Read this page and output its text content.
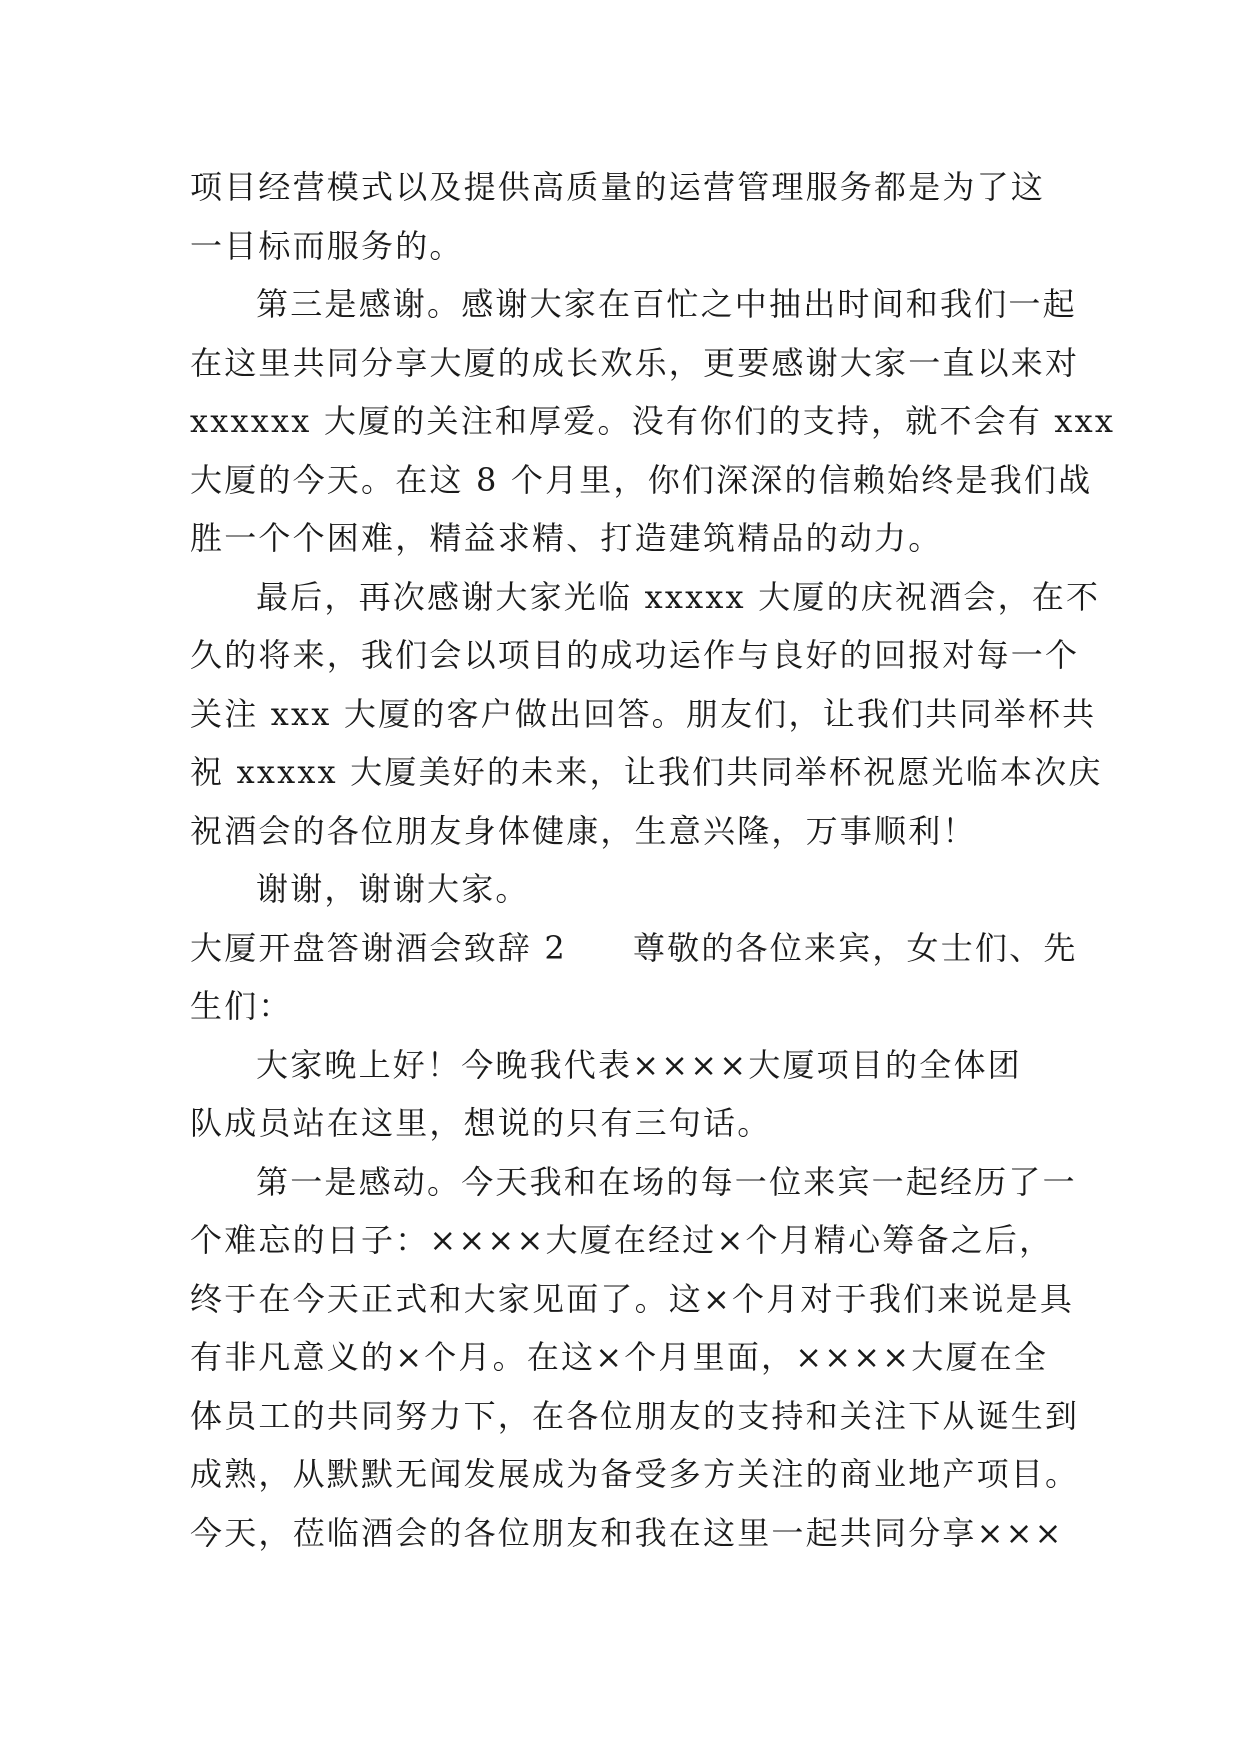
项目经营模式以及提供高质量的运营管理服务都是为了这
一目标而服务的。
第三是感谢。感谢大家在百忙之中抽出时间和我们一起
在这里共同分享大厦的成长欢乐，更要感谢大家一直以来对
xxxxxx 大厦的关注和厚爱。没有你们的支持，就不会有 xxx
大厦的今天。在这 8 个月里，你们深深的信赖始终是我们战
胜一个个困难，精益求精、打造建筑精品的动力。
最后，再次感谢大家光临 xxxxx 大厦的庆祝酒会，在不
久的将来，我们会以项目的成功运作与良好的回报对每一个
关注 xxx 大厦的客户做出回答。朋友们，让我们共同举杯共
祝 xxxxx 大厦美好的未来，让我们共同举杯祝愿光临本次庆
祝酒会的各位朋友身体健康，生意兴隆，万事顺利！
谢谢，谢谢大家。
大厦开盘答谢酒会致辞 2 尊敬的各位来宾，女士们、先
生们：
大家晚上好！今晚我代表××××大厦项目的全体团
队成员站在这里，想说的只有三句话。
第一是感动。今天我和在场的每一位来宾一起经历了一
个难忘的日子：××××大厦在经过×个月精心筹备之后，
终于在今天正式和大家见面了。这×个月对于我们来说是具
有非凡意义的×个月。在这×个月里面，××××大厦在全
体员工的共同努力下，在各位朋友的支持和关注下从诞生到
成熟，从默默无闻发展成为备受多方关注的商业地产项目。
今天，莅临酒会的各位朋友和我在这里一起共同分享×××
